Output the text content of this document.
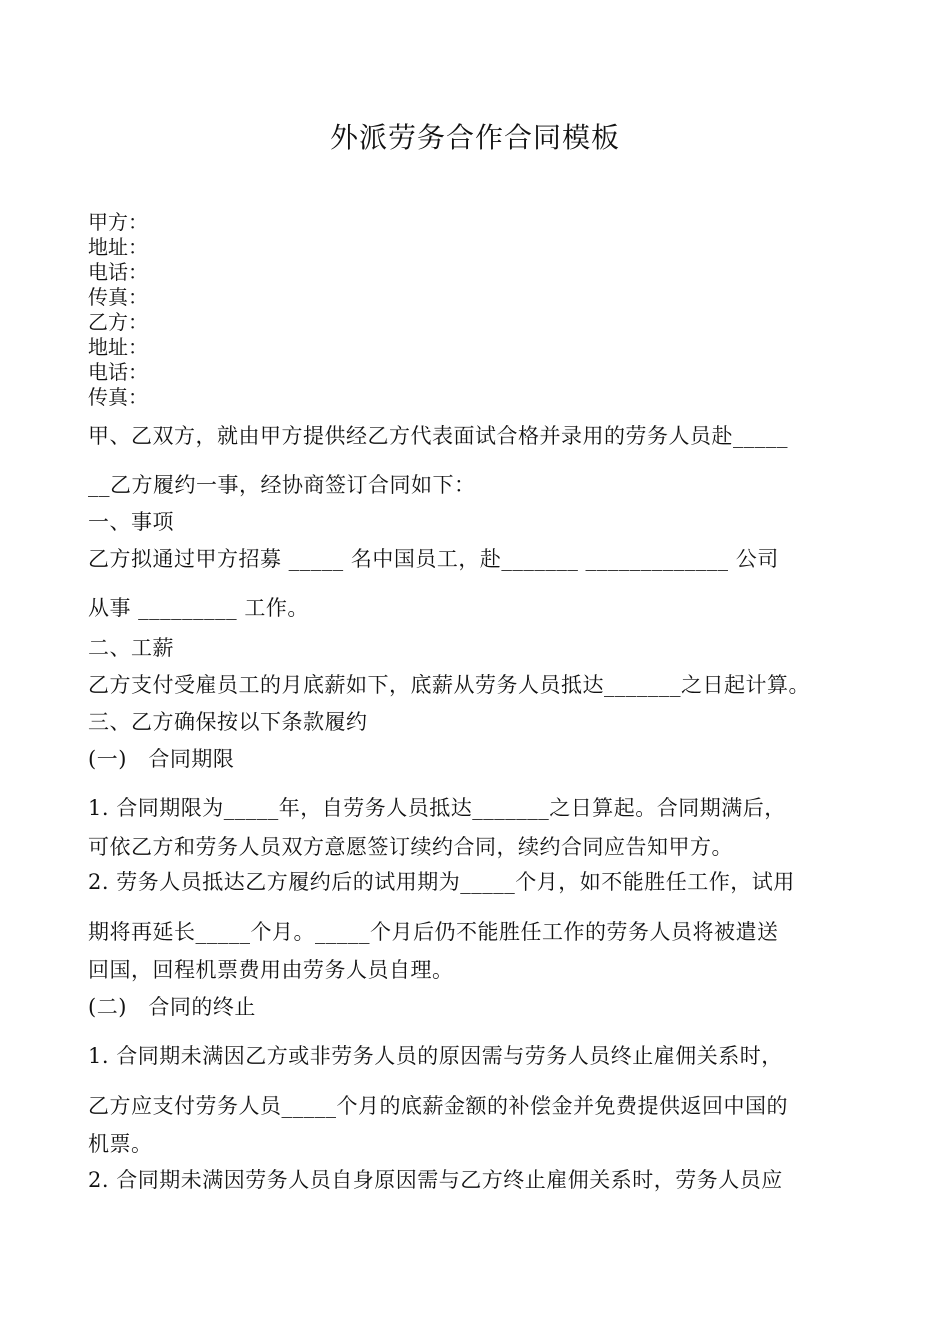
外派劳务合作合同模板
甲方：
地址：
电话：
传真：
乙方：
地址：
电话：
传真：
甲、乙双方，就由甲方提供经乙方代表面试合格并录用的劳务人员赴_____
__乙方履约一事，经协商签订合同如下：
一、事项
乙方拟通过甲方招募 _____ 名中国员工，赴_______ _____________ 公司
从事 _________ 工作。
二、工薪
乙方支付受雇员工的月底薪如下，底薪从劳务人员抵达_______之日起计算。
三、乙方确保按以下条款履约
(一)　合同期限
1. 合同期限为_____年，自劳务人员抵达_______之日算起。合同期满后，
可依乙方和劳务人员双方意愿签订续约合同，续约合同应告知甲方。
2. 劳务人员抵达乙方履约后的试用期为_____个月，如不能胜任工作，试用
期将再延长_____个月。_____个月后仍不能胜任工作的劳务人员将被遣送
回国，回程机票费用由劳务人员自理。
(二)　合同的终止
1. 合同期未满因乙方或非劳务人员的原因需与劳务人员终止雇佣关系时，
乙方应支付劳务人员_____个月的底薪金额的补偿金并免费提供返回中国的
机票。
2. 合同期未满因劳务人员自身原因需与乙方终止雇佣关系时，劳务人员应
